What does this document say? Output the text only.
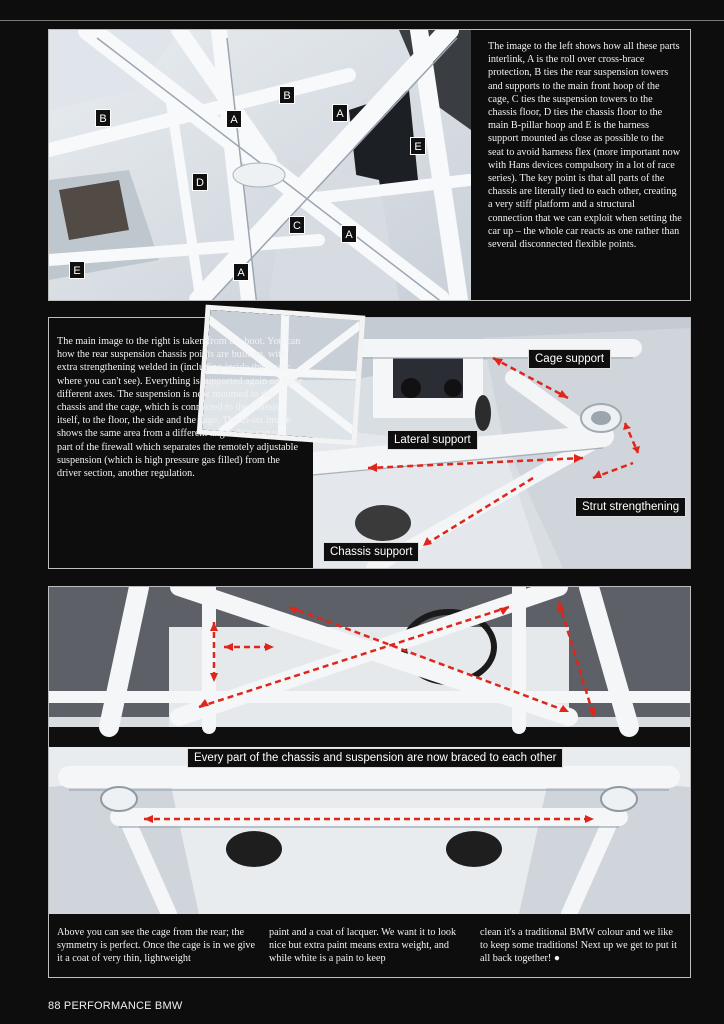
B
B
A	A
E
D
C
A
E	A

The image to the left shows how all these parts interlink, A is the roll over cross-brace protection, B ties the rear suspension towers and supports to the main front hoop of the cage, C ties the suspension towers to the chassis floor, D ties the chassis floor to the main B-pillar hoop and E is the harness support mounted as close as possible to the seat to avoid harness flex (more important now with Hans devices compulsory in a lot of race series). The key point is that all parts of the chassis are literally tied to each other, creating a very stiff platform and a structural connection that we can exploit when setting the car up – the whole car reacts as one rather than several disconnected flexible points.

The main image to the right is taken from the boot. You can how the rear suspension chassis points are built up, with extra strengthening welded in (including inside the tower where you can't see). Everything is supported again on three different axes. The suspension is now mounted to the chassis and the cage, which is connected to the chassis itself, to the floor, the side and the cage. The in-set image shows the same area from a different angle. You can see part of the firewall which separates the remotely adjustable suspension (which is high pressure gas filled) from the driver section, another regulation.

Cage support
Lateral support
Strut strengthening
Chassis support
Every part of the chassis and suspension are now braced to each other

Above you can see the cage from the rear; the symmetry is perfect. Once the cage is in we give it a coat of very thin, lightweight

paint and a coat of lacquer. We want it to look nice but extra paint means extra weight, and while white is a pain to keep

clean it's a traditional BMW colour and we like to keep some traditions! Next up we get to put it all back together! ●

88 PERFORMANCE BMW
